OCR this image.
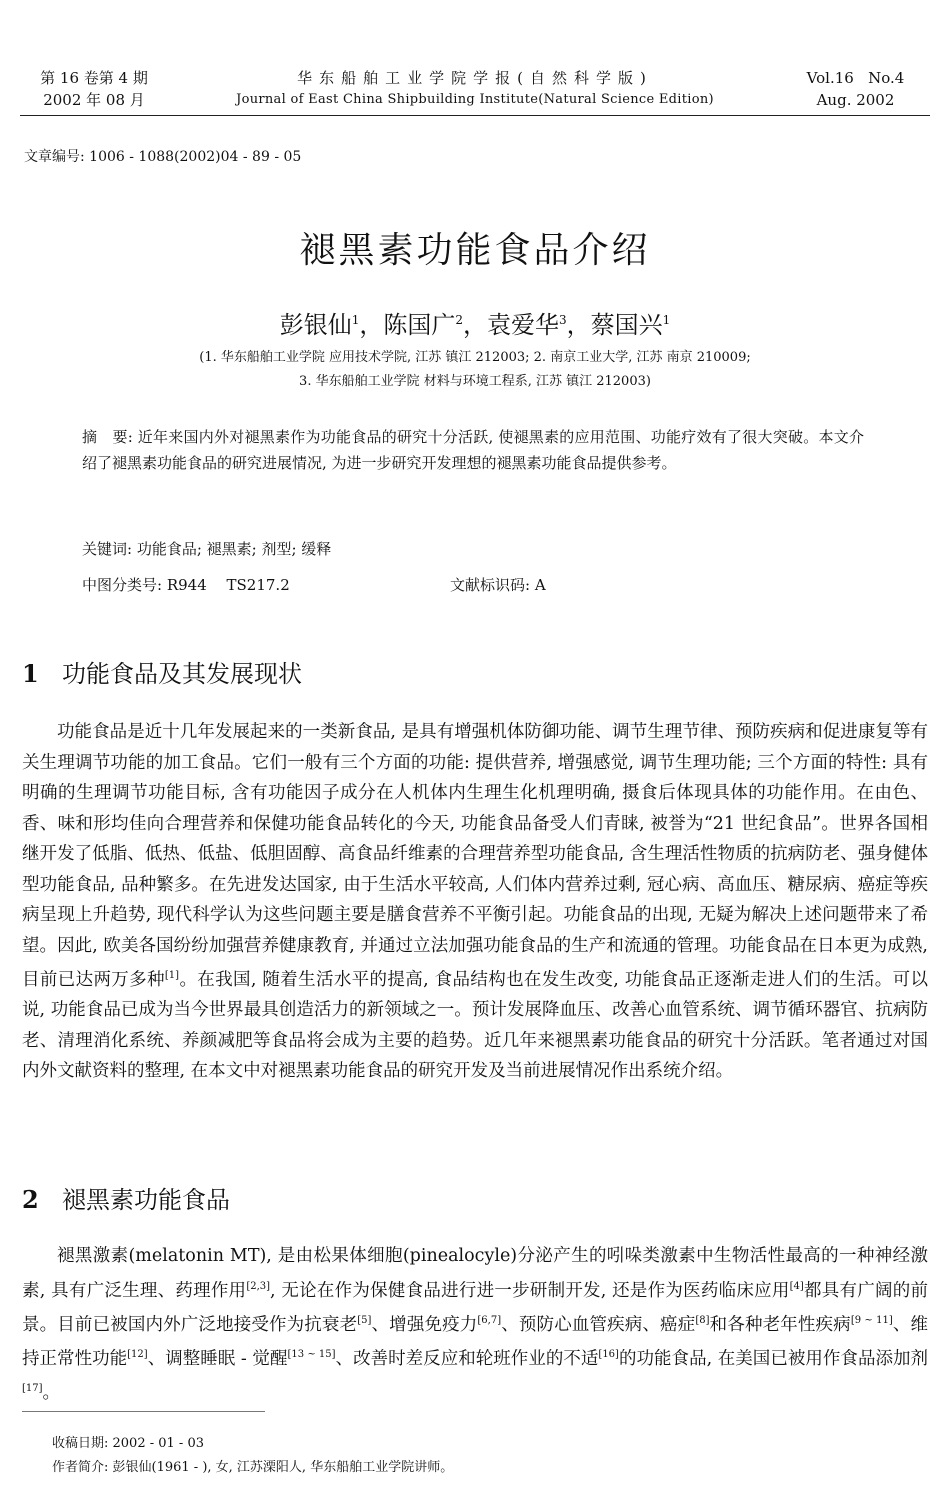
第 16 卷第 4 期
2002 年 08 月
华东船舶工业学院学报(自然科学版)
Journal of East China Shipbuilding Institute(Natural Science Edition)
Vol.16   No.4
Aug. 2002
文章编号: 1006 - 1088(2002)04 - 89 - 05
褪黑素功能食品介绍
彭银仙$^1$，陈国广$^2$，袁爱华$^3$，蔡国兴$^1$
(1. 华东船舶工业学院 应用技术学院, 江苏 镇江 212003; 2. 南京工业大学, 江苏 南京 210009;
3. 华东船舶工业学院 材料与环境工程系, 江苏 镇江 212003)
摘　要: 近年来国内外对褪黑素作为功能食品的研究十分活跃, 使褪黑素的应用范围、功能疗效有了很大突破。本文介绍了褪黑素功能食品的研究进展情况, 为进一步研究开发理想的褪黑素功能食品提供参考。
关键词: 功能食品; 褪黑素; 剂型; 缓释
中图分类号: R944　 TS217.2	文献标识码: A
1 功能食品及其发展现状
功能食品是近十几年发展起来的一类新食品, 是具有增强机体防御功能、调节生理节律、预防疾病和促进康复等有关生理调节功能的加工食品。它们一般有三个方面的功能: 提供营养, 增强感觉, 调节生理功能; 三个方面的特性: 具有明确的生理调节功能目标, 含有功能因子成分在人机体内生理生化机理明确, 摄食后体现具体的功能作用。在由色、香、味和形均佳向合理营养和保健功能食品转化的今天, 功能食品备受人们青睐, 被誉为“21 世纪食品”。世界各国相继开发了低脂、低热、低盐、低胆固醇、高食品纤维素的合理营养型功能食品, 含生理活性物质的抗病防老、强身健体型功能食品, 品种繁多。在先进发达国家, 由于生活水平较高, 人们体内营养过剩, 冠心病、高血压、糖尿病、癌症等疾病呈现上升趋势, 现代科学认为这些问题主要是膳食营养不平衡引起。功能食品的出现, 无疑为解决上述问题带来了希望。因此, 欧美各国纷纷加强营养健康教育, 并通过立法加强功能食品的生产和流通的管理。功能食品在日本更为成熟, 目前已达两万多种[1]。在我国, 随着生活水平的提高, 食品结构也在发生改变, 功能食品正逐渐走进人们的生活。可以说, 功能食品已成为当今世界最具创造活力的新领域之一。预计发展降血压、改善心血管系统、调节循环器官、抗病防老、清理消化系统、养颜减肥等食品将会成为主要的趋势。近几年来褪黑素功能食品的研究十分活跃。笔者通过对国内外文献资料的整理, 在本文中对褪黑素功能食品的研究开发及当前进展情况作出系统介绍。
2 褪黑素功能食品
褪黑激素(melatonin MT), 是由松果体细胞(pinealocyle)分泌产生的吲哚类激素中生物活性最高的一种神经激素, 具有广泛生理、药理作用[2,3], 无论在作为保健食品进行进一步研制开发, 还是作为医药临床应用[4]都具有广阔的前景。目前已被国内外广泛地接受作为抗衰老[5]、增强免疫力[6,7]、预防心血管疾病、癌症[8]和各种老年性疾病[9 ~ 11]、维持正常性功能[12]、调整睡眠 - 觉醒[13 ~ 15]、改善时差反应和轮班作业的不适[16]的功能食品, 在美国已被用作食品添加剂[17]。
收稿日期: 2002 - 01 - 03
作者简介: 彭银仙(1961 - ), 女, 江苏溧阳人, 华东船舶工业学院讲师。
